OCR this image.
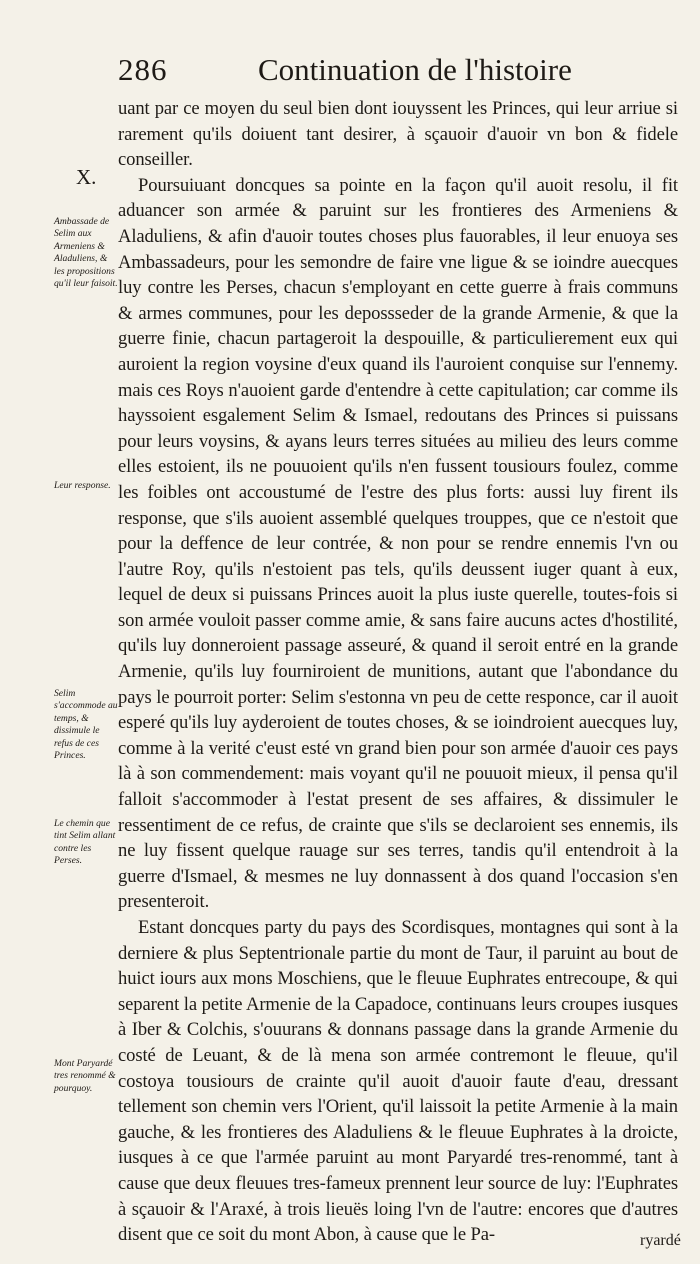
286	Continuation de l'histoire
X.
Ambassade de Selim aux Armeniens & Aladuliens, & les propositions qu'il leur faisoit.
Leur response.
Selim s'accommode au temps, & dissimule le refus de ces Princes.
Le chemin que tint Selim allant contre les Perses.
Mont Paryardé tres renommé & pourquoy.

uant par ce moyen du seul bien dont iouyssent les Princes, qui leur arriue si rarement qu'ils doiuent tant desirer, à sçauoir d'auoir vn bon & fidele conseiller.

Poursuiuant doncques sa pointe en la façon qu'il auoit resolu, il fit aduancer son armée & paruint sur les frontieres des Armeniens & Aladuliens, & afin d'auoir toutes choses plus fauorables, il leur enuoya ses Ambassadeurs, pour les semondre de faire vne ligue & se ioindre auecques luy contre les Perses, chacun s'employant en cette guerre à frais communs & armes communes, pour les depossseder de la grande Armenie, & que la guerre finie, chacun partageroit la despouille, & particulierement eux qui auroient la region voysine d'eux quand ils l'auroient conquise sur l'ennemy. mais ces Roys n'auoient garde d'entendre à cette capitulation; car comme ils hayssoient esgalement Selim & Ismael, redoutans des Princes si puissans pour leurs voysins, & ayans leurs terres situées au milieu des leurs comme elles estoient, ils ne pouuoient qu'ils n'en fussent tousiours foulez, comme les foibles ont accoustumé de l'estre des plus forts: aussi luy firent ils response, que s'ils auoient assemblé quelques trouppes, que ce n'estoit que pour la deffence de leur contrée, & non pour se rendre ennemis l'vn ou l'autre Roy, qu'ils n'estoient pas tels, qu'ils deussent iuger quant à eux, lequel de deux si puissans Princes auoit la plus iuste querelle, toutes-fois si son armée vouloit passer comme amie, & sans faire aucuns actes d'hostilité, qu'ils luy donneroient passage asseuré, & quand il seroit entré en la grande Armenie, qu'ils luy fourniroient de munitions, autant que l'abondance du pays le pourroit porter: Selim s'estonna vn peu de cette responce, car il auoit esperé qu'ils luy ayderoient de toutes choses, & se ioindroient auecques luy, comme à la verité c'eust esté vn grand bien pour son armée d'auoir ces pays là à son commendement: mais voyant qu'il ne pouuoit mieux, il pensa qu'il falloit s'accommoder à l'estat present de ses affaires, & dissimuler le ressentiment de ce refus, de crainte que s'ils se declaroient ses ennemis, ils ne luy fissent quelque rauage sur ses terres, tandis qu'il entendroit à la guerre d'Ismael, & mesmes ne luy donnassent à dos quand l'occasion s'en presenteroit.

Estant doncques party du pays des Scordisques, montagnes qui sont à la derniere & plus Septentrionale partie du mont de Taur, il paruint au bout de huict iours aux mons Moschiens, que le fleuue Euphrates entrecoupe, & qui separent la petite Armenie de la Capadoce, continuans leurs croupes iusques à Iber & Colchis, s'ouurans & donnans passage dans la grande Armenie du costé de Leuant, & de là mena son armée contremont le fleuue, qu'il costoya tousiours de crainte qu'il auoit d'auoir faute d'eau, dressant tellement son chemin vers l'Orient, qu'il laissoit la petite Armenie à la main gauche, & les frontieres des Aladuliens & le fleuue Euphrates à la droicte, iusques à ce que l'armée paruint au mont Paryardé tres-renommé, tant à cause que deux fleuues tres-fameux prennent leur source de luy: l'Euphrates à sçauoir & l'Araxé, à trois lieuës loing l'vn de l'autre: encores que d'autres disent que ce soit du mont Abon, à cause que le Pa-	ryardé
